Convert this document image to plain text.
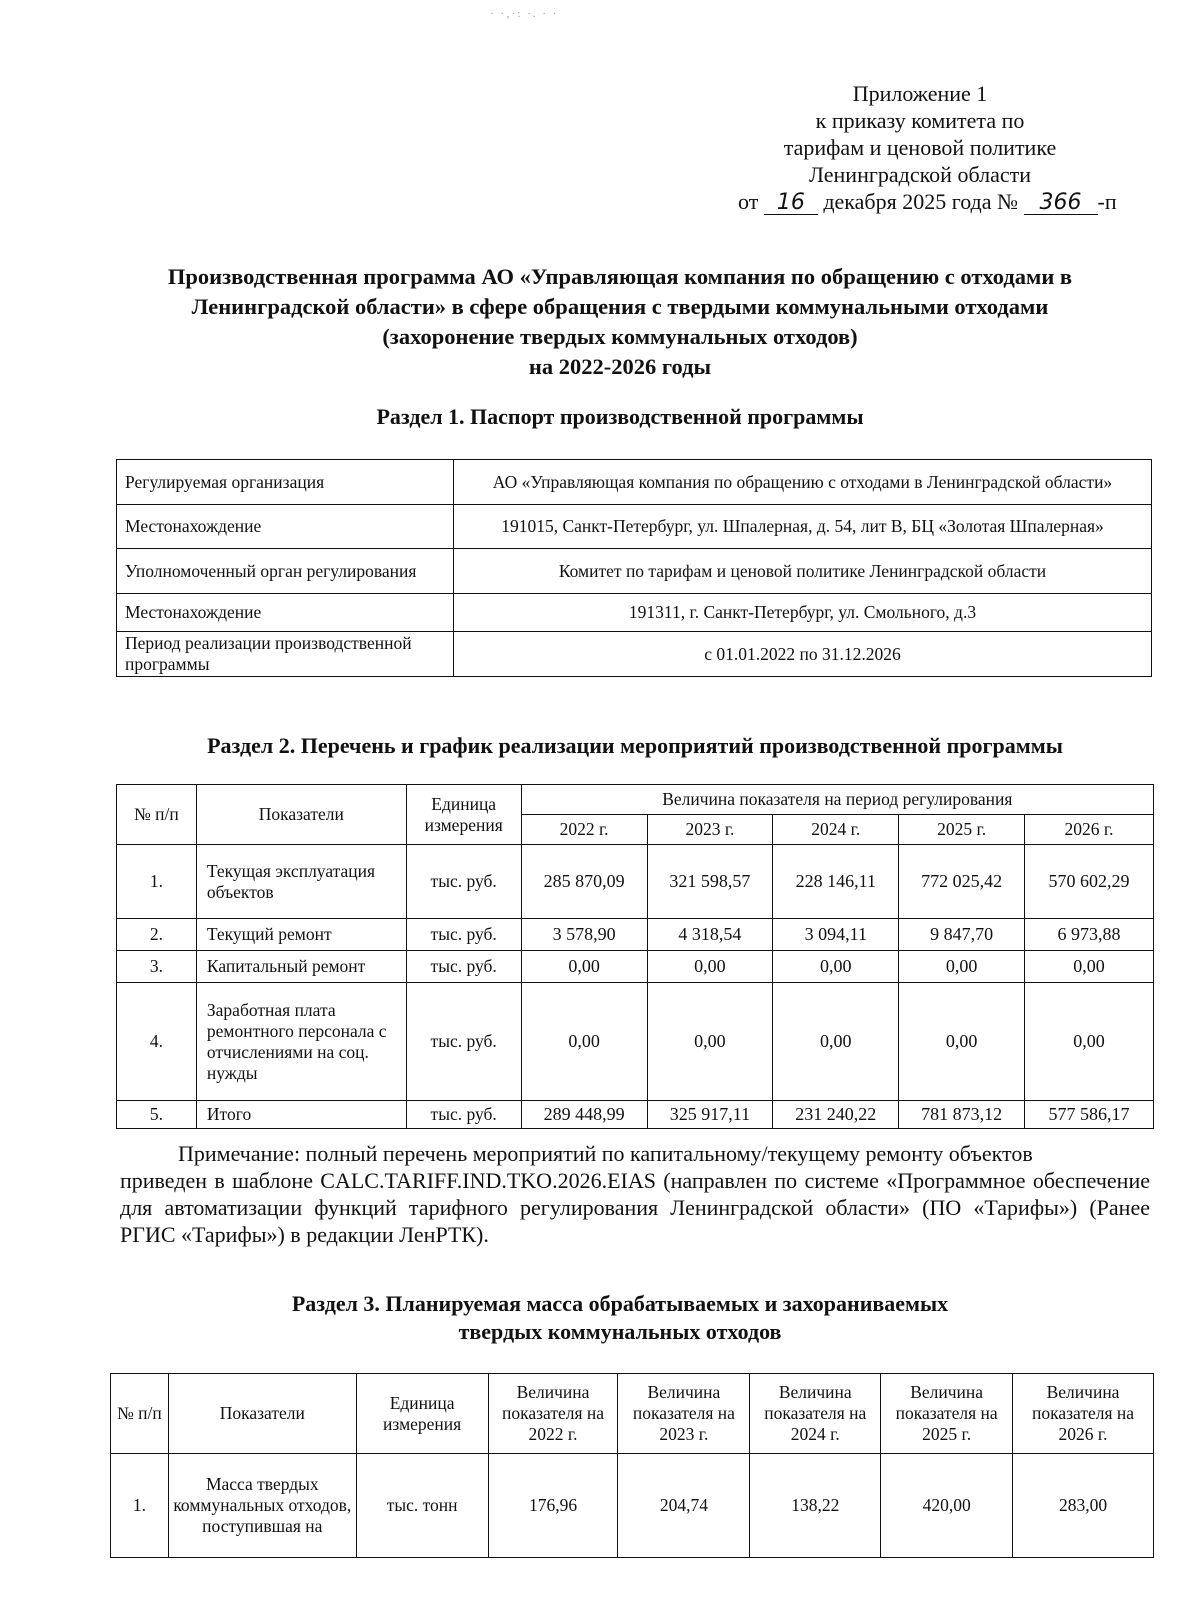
· ·‚·: ·. · ·
Приложение 1
к приказу комитета по
тарифам и ценовой политике
Ленинградской области
от 16 декабря 2025 года № 366 -п
Производственная программа АО «Управляющая компания по обращению с отходами в
Ленинградской области» в сфере обращения с твердыми коммунальными отходами
(захоронение твердых коммунальных отходов)
на 2022-2026 годы
Раздел 1. Паспорт производственной программы
Регулируемая организация	АО «Управляющая компания по обращению с отходами в Ленинградской области»
Местонахождение	191015, Санкт-Петербург, ул. Шпалерная, д. 54, лит В, БЦ «Золотая Шпалерная»
Уполномоченный орган регулирования	Комитет по тарифам и ценовой политике Ленинградской области
Местонахождение	191311, г. Санкт-Петербург, ул. Смольного, д.3
Период реализации производственной программы	с 01.01.2022 по 31.12.2026
Раздел 2. Перечень и график реализации мероприятий производственной программы
№ п/п	Показатели	Единица измерения	Величина показателя на период регулирования				
			2022 г.	2023 г.	2024 г.	2025 г.	2026 г.
1.	Текущая эксплуатация объектов	тыс. руб.	285 870,09	321 598,57	228 146,11	772 025,42	570 602,29
2.	Текущий ремонт	тыс. руб.	3 578,90	4 318,54	3 094,11	9 847,70	6 973,88
3.	Капитальный ремонт	тыс. руб.	0,00	0,00	0,00	0,00	0,00
4.	Заработная плата ремонтного персонала с отчислениями на соц. нужды	тыс. руб.	0,00	0,00	0,00	0,00	0,00
5.	Итого	тыс. руб.	289 448,99	325 917,11	231 240,22	781 873,12	577 586,17
Примечание: полный перечень мероприятий по капитальному/текущему ремонту объектов
приведен в шаблоне CALC.TARIFF.IND.TKO.2026.EIAS (направлен по системе «Программное обеспечение для автоматизации функций тарифного регулирования Ленинградской области» (ПО «Тарифы») (Ранее РГИС «Тарифы») в редакции ЛенРТК).
Раздел 3. Планируемая масса обрабатываемых и захораниваемых
твердых коммунальных отходов
№ п/п	Показатели	Единица измерения	Величина показателя на 2022 г.	Величина показателя на 2023 г.	Величина показателя на 2024 г.	Величина показателя на 2025 г.	Величина показателя на 2026 г.
1.	Масса твердых коммунальных отходов, поступившая на	тыс. тонн	176,96	204,74	138,22	420,00	283,00
